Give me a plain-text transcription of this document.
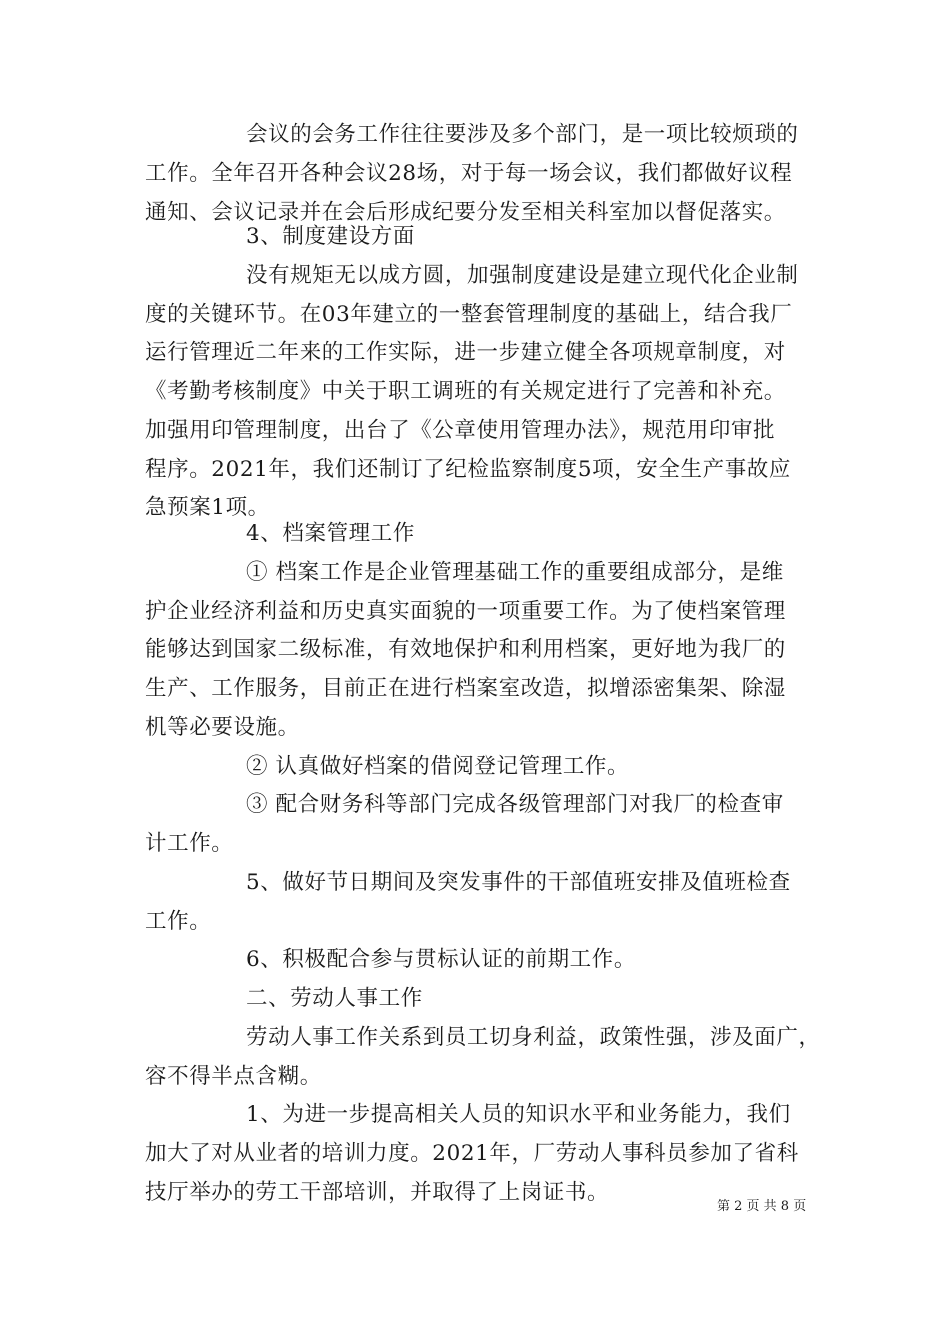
会议的会务工作往往要涉及多个部门，是一项比较烦琐的
工作。全年召开各种会议28场，对于每一场会议，我们都做好议程
通知、会议记录并在会后形成纪要分发至相关科室加以督促落实。
3、制度建设方面
没有规矩无以成方圆，加强制度建设是建立现代化企业制
度的关键环节。在03年建立的一整套管理制度的基础上，结合我厂
运行管理近二年来的工作实际，进一步建立健全各项规章制度，对
《考勤考核制度》中关于职工调班的有关规定进行了完善和补充。
加强用印管理制度，出台了《公章使用管理办法》，规范用印审批
程序。2021年，我们还制订了纪检监察制度5项，安全生产事故应
急预案1项。
4、档案管理工作
① 档案工作是企业管理基础工作的重要组成部分，是维
护企业经济利益和历史真实面貌的一项重要工作。为了使档案管理
能够达到国家二级标准，有效地保护和利用档案，更好地为我厂的
生产、工作服务，目前正在进行档案室改造，拟增添密集架、除湿
机等必要设施。
② 认真做好档案的借阅登记管理工作。
③ 配合财务科等部门完成各级管理部门对我厂的检查审
计工作。
5、做好节日期间及突发事件的干部值班安排及值班检查
工作。
6、积极配合参与贯标认证的前期工作。
二、劳动人事工作
劳动人事工作关系到员工切身利益，政策性强，涉及面广，
容不得半点含糊。
1、为进一步提高相关人员的知识水平和业务能力，我们
加大了对从业者的培训力度。2021年，厂劳动人事科员参加了省科
技厅举办的劳工干部培训，并取得了上岗证书。
第 2 页 共 8 页
